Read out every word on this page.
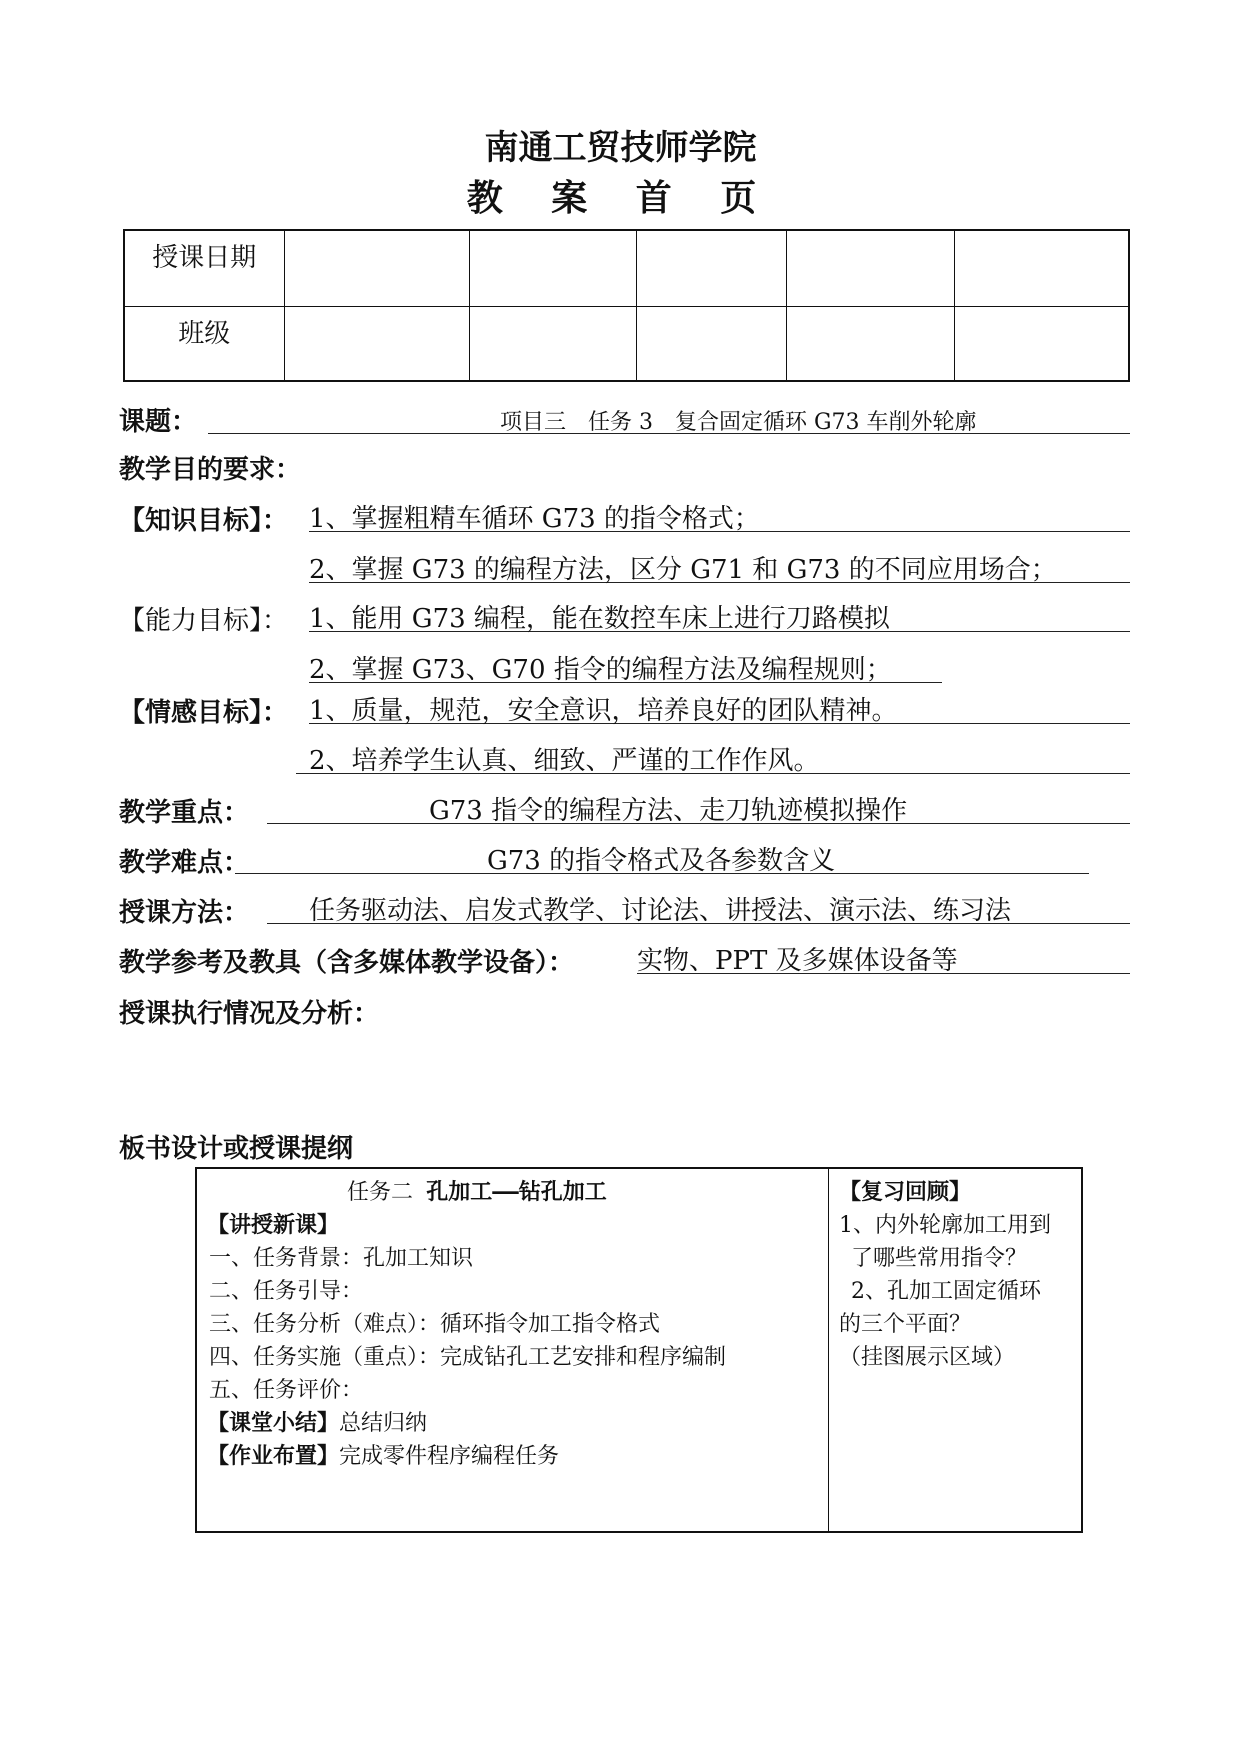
南通工贸技师学院
教 案 首 页
授课日期					
班级					
课题：	项目三　任务 3　复合固定循环 G73 车削外轮廓
教学目的要求：
【知识目标】： 1、掌握粗精车循环 G73 的指令格式；
2、掌握 G73 的编程方法，区分 G71 和 G73 的不同应用场合；
【能力目标】： 1、能用 G73 编程，能在数控车床上进行刀路模拟
2、掌握 G73、G70 指令的编程方法及编程规则；
【情感目标】： 1、质量，规范，安全意识，培养良好的团队精神。
2、培养学生认真、细致、严谨的工作作风。
教学重点：	G73 指令的编程方法、走刀轨迹模拟操作
教学难点：	G73 的指令格式及各参数含义
授课方法： 任务驱动法、启发式教学、讨论法、讲授法、演示法、练习法
教学参考及教具（含多媒体教学设备）： 实物、PPT 及多媒体设备等
授课执行情况及分析：
板书设计或授课提纲
任务二 孔加工——钻孔加工
【讲授新课】
一、任务背景：孔加工知识
二、任务引导：
三、任务分析（难点）：循环指令加工指令格式
四、任务实施（重点）：完成钻孔工艺安排和程序编制
五、任务评价：
【课堂小结】总结归纳
【作业布置】完成零件程序编程任务
【复习回顾】
1、内外轮廓加工用到
了哪些常用指令？
2、孔加工固定循环
的三个平面？
（挂图展示区域）
